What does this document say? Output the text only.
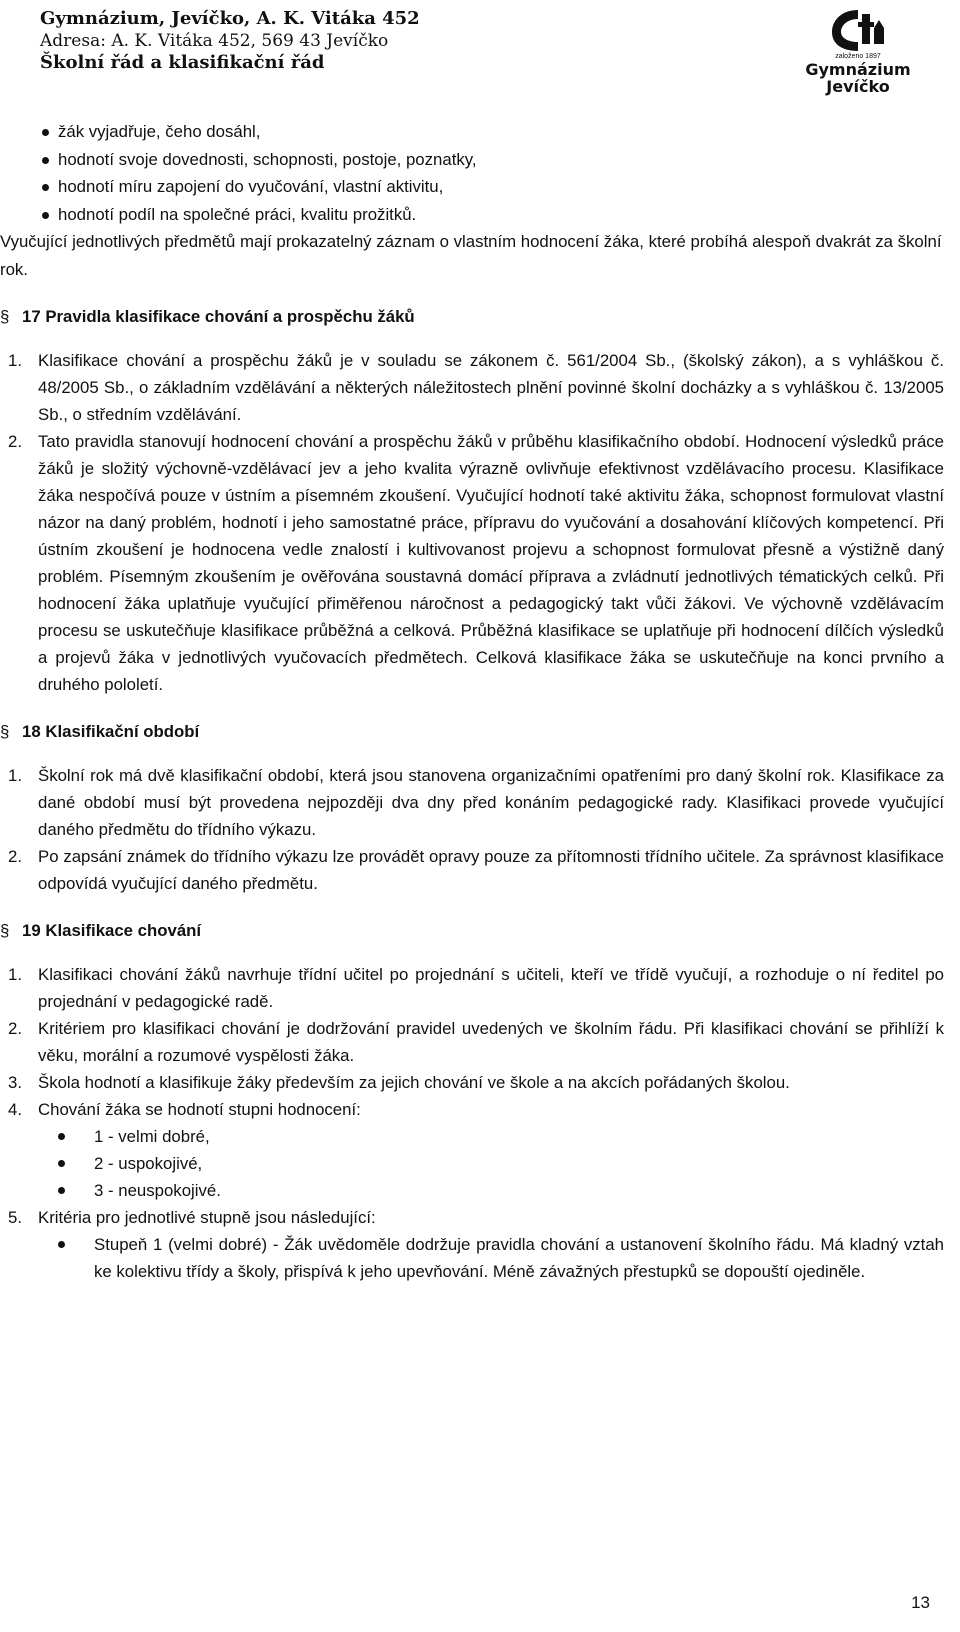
Gymnázium, Jevíčko, A. K. Vitáka 452
Adresa: A. K. Vitáka 452, 569 43 Jevíčko
Školní řád a klasifikační řád	založeno 1897
Gymnázium
Jevíčko
žák vyjadřuje, čeho dosáhl,
hodnotí svoje dovednosti, schopnosti, postoje, poznatky,
hodnotí míru zapojení do vyučování, vlastní aktivitu,
hodnotí podíl na společné práci, kvalitu prožitků.

Vyučující jednotlivých předmětů mají prokazatelný záznam o vlastním hodnocení žáka, které probíhá alespoň dvakrát za školní rok.

§ 17 Pravidla klasifikace chování a prospěchu žáků
1. Klasifikace chování a prospěchu žáků je v souladu se zákonem č. 561/2004 Sb., (školský zákon), a s vyhláškou č. 48/2005 Sb., o základním vzdělávání a některých náležitostech plnění povinné školní docházky a s vyhláškou č. 13/2005 Sb., o středním vzdělávání.
2. Tato pravidla stanovují hodnocení chování a prospěchu žáků v průběhu klasifikačního období. Hodnocení výsledků práce žáků je složitý výchovně-vzdělávací jev a jeho kvalita výrazně ovlivňuje efektivnost vzdělávacího procesu. Klasifikace žáka nespočívá pouze v ústním a písemném zkoušení. Vyučující hodnotí také aktivitu žáka, schopnost formulovat vlastní názor na daný problém, hodnotí i jeho samostatné práce, přípravu do vyučování a dosahování klíčových kompetencí. Při ústním zkoušení je hodnocena vedle znalostí i kultivovanost projevu a schopnost formulovat přesně a výstižně daný problém. Písemným zkoušením je ověřována soustavná domácí příprava a zvládnutí jednotlivých tématických celků. Při hodnocení žáka uplatňuje vyučující přiměřenou náročnost a pedagogický takt vůči žákovi. Ve výchovně vzdělávacím procesu se uskutečňuje klasifikace průběžná a celková. Průběžná klasifikace se uplatňuje při hodnocení dílčích výsledků a projevů žáka v jednotlivých vyučovacích předmětech. Celková klasifikace žáka se uskutečňuje na konci prvního a druhého pololetí.
§ 18 Klasifikační období
1. Školní rok má dvě klasifikační období, která jsou stanovena organizačními opatřeními pro daný školní rok. Klasifikace za dané období musí být provedena nejpozději dva dny před konáním pedagogické rady. Klasifikaci provede vyučující daného předmětu do třídního výkazu.
2. Po zapsání známek do třídního výkazu lze provádět opravy pouze za přítomnosti třídního učitele. Za správnost klasifikace odpovídá vyučující daného předmětu.
§ 19 Klasifikace chování
1. Klasifikaci chování žáků navrhuje třídní učitel po projednání s učiteli, kteří ve třídě vyučují, a rozhoduje o ní ředitel po projednání v pedagogické radě.
2. Kritériem pro klasifikaci chování je dodržování pravidel uvedených ve školním řádu. Při klasifikaci chování se přihlíží k věku, morální a rozumové vyspělosti žáka.
3. Škola hodnotí a klasifikuje žáky především za jejich chování ve škole a na akcích pořádaných školou.
4. Chování žáka se hodnotí stupni hodnocení:
1 - velmi dobré,
2 - uspokojivé,
3 - neuspokojivé.
5. Kritéria pro jednotlivé stupně jsou následující:
Stupeň 1 (velmi dobré) - Žák uvědoměle dodržuje pravidla chování a ustanovení školního řádu. Má kladný vztah ke kolektivu třídy a školy, přispívá k jeho upevňování. Méně závažných přestupků se dopouští ojediněle.
13
